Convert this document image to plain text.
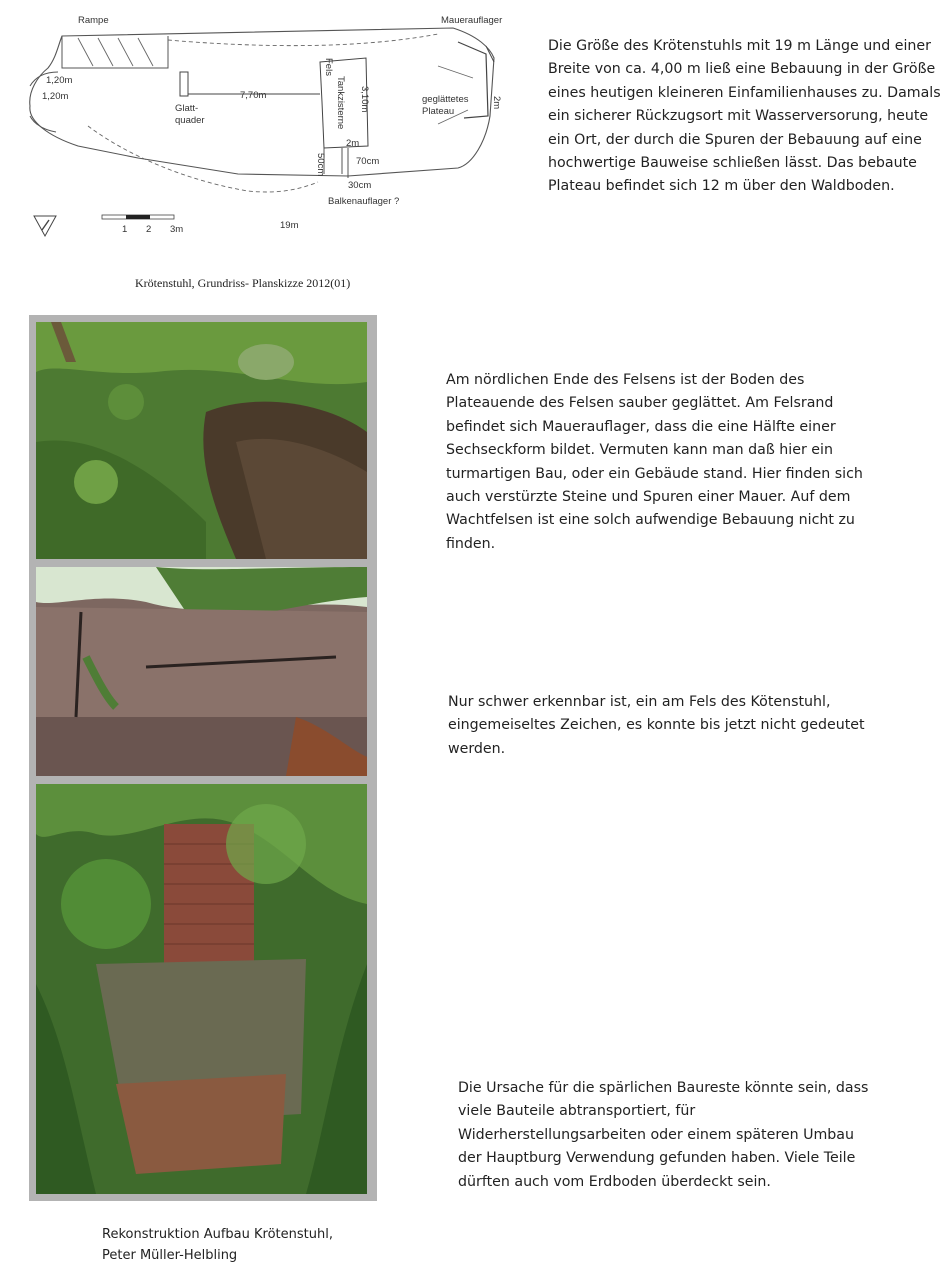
Rampe	Mauerauflager
1,20m
1,20m
Glatt-
quader
7,70m
Fels
Tankzisterne 3,10m
2m
50cm	70cm
30cm
Balkenauflager ?
geglättetes
Plateau
2m
1 2 3m	19m
Krötenstuhl, Grundriss- Planskizze 2012(01)

Die Größe des Krötenstuhls mit 19 m Länge und einer Breite von ca. 4,00 m ließ eine Bebauung in der Größe eines heutigen kleineren Einfamilienhauses zu. Damals ein sicherer Rückzugsort mit Wasserversorung, heute ein Ort, der durch die Spuren der Bebauung auf eine hochwertige Bauweise schließen lässt. Das bebaute Plateau befindet sich 12 m über den Waldboden.

Am nördlichen Ende des Felsens ist der Boden des Plateauende des Felsen sauber geglättet. Am Felsrand befindet sich Mauerauflager, dass die eine Hälfte einer Sechseckform bildet. Vermuten kann man daß hier ein turmartigen Bau, oder ein Gebäude stand. Hier finden sich auch verstürzte Steine und Spuren einer Mauer. Auf dem Wachtfelsen ist eine solch aufwendige Bebauung nicht zu finden.

Nur schwer erkennbar ist, ein am Fels des Kötenstuhl, eingemeiseltes Zeichen, es konnte bis jetzt nicht gedeutet werden.

Die Ursache für die spärlichen Baureste könnte sein, dass viele Bauteile abtransportiert, für Widerherstellungsarbeiten oder einem späteren Umbau der Hauptburg Verwendung gefunden haben. Viele Teile dürften auch vom Erdboden überdeckt sein.

Rekonstruktion Aufbau Krötenstuhl,
Peter Müller-Helbling
